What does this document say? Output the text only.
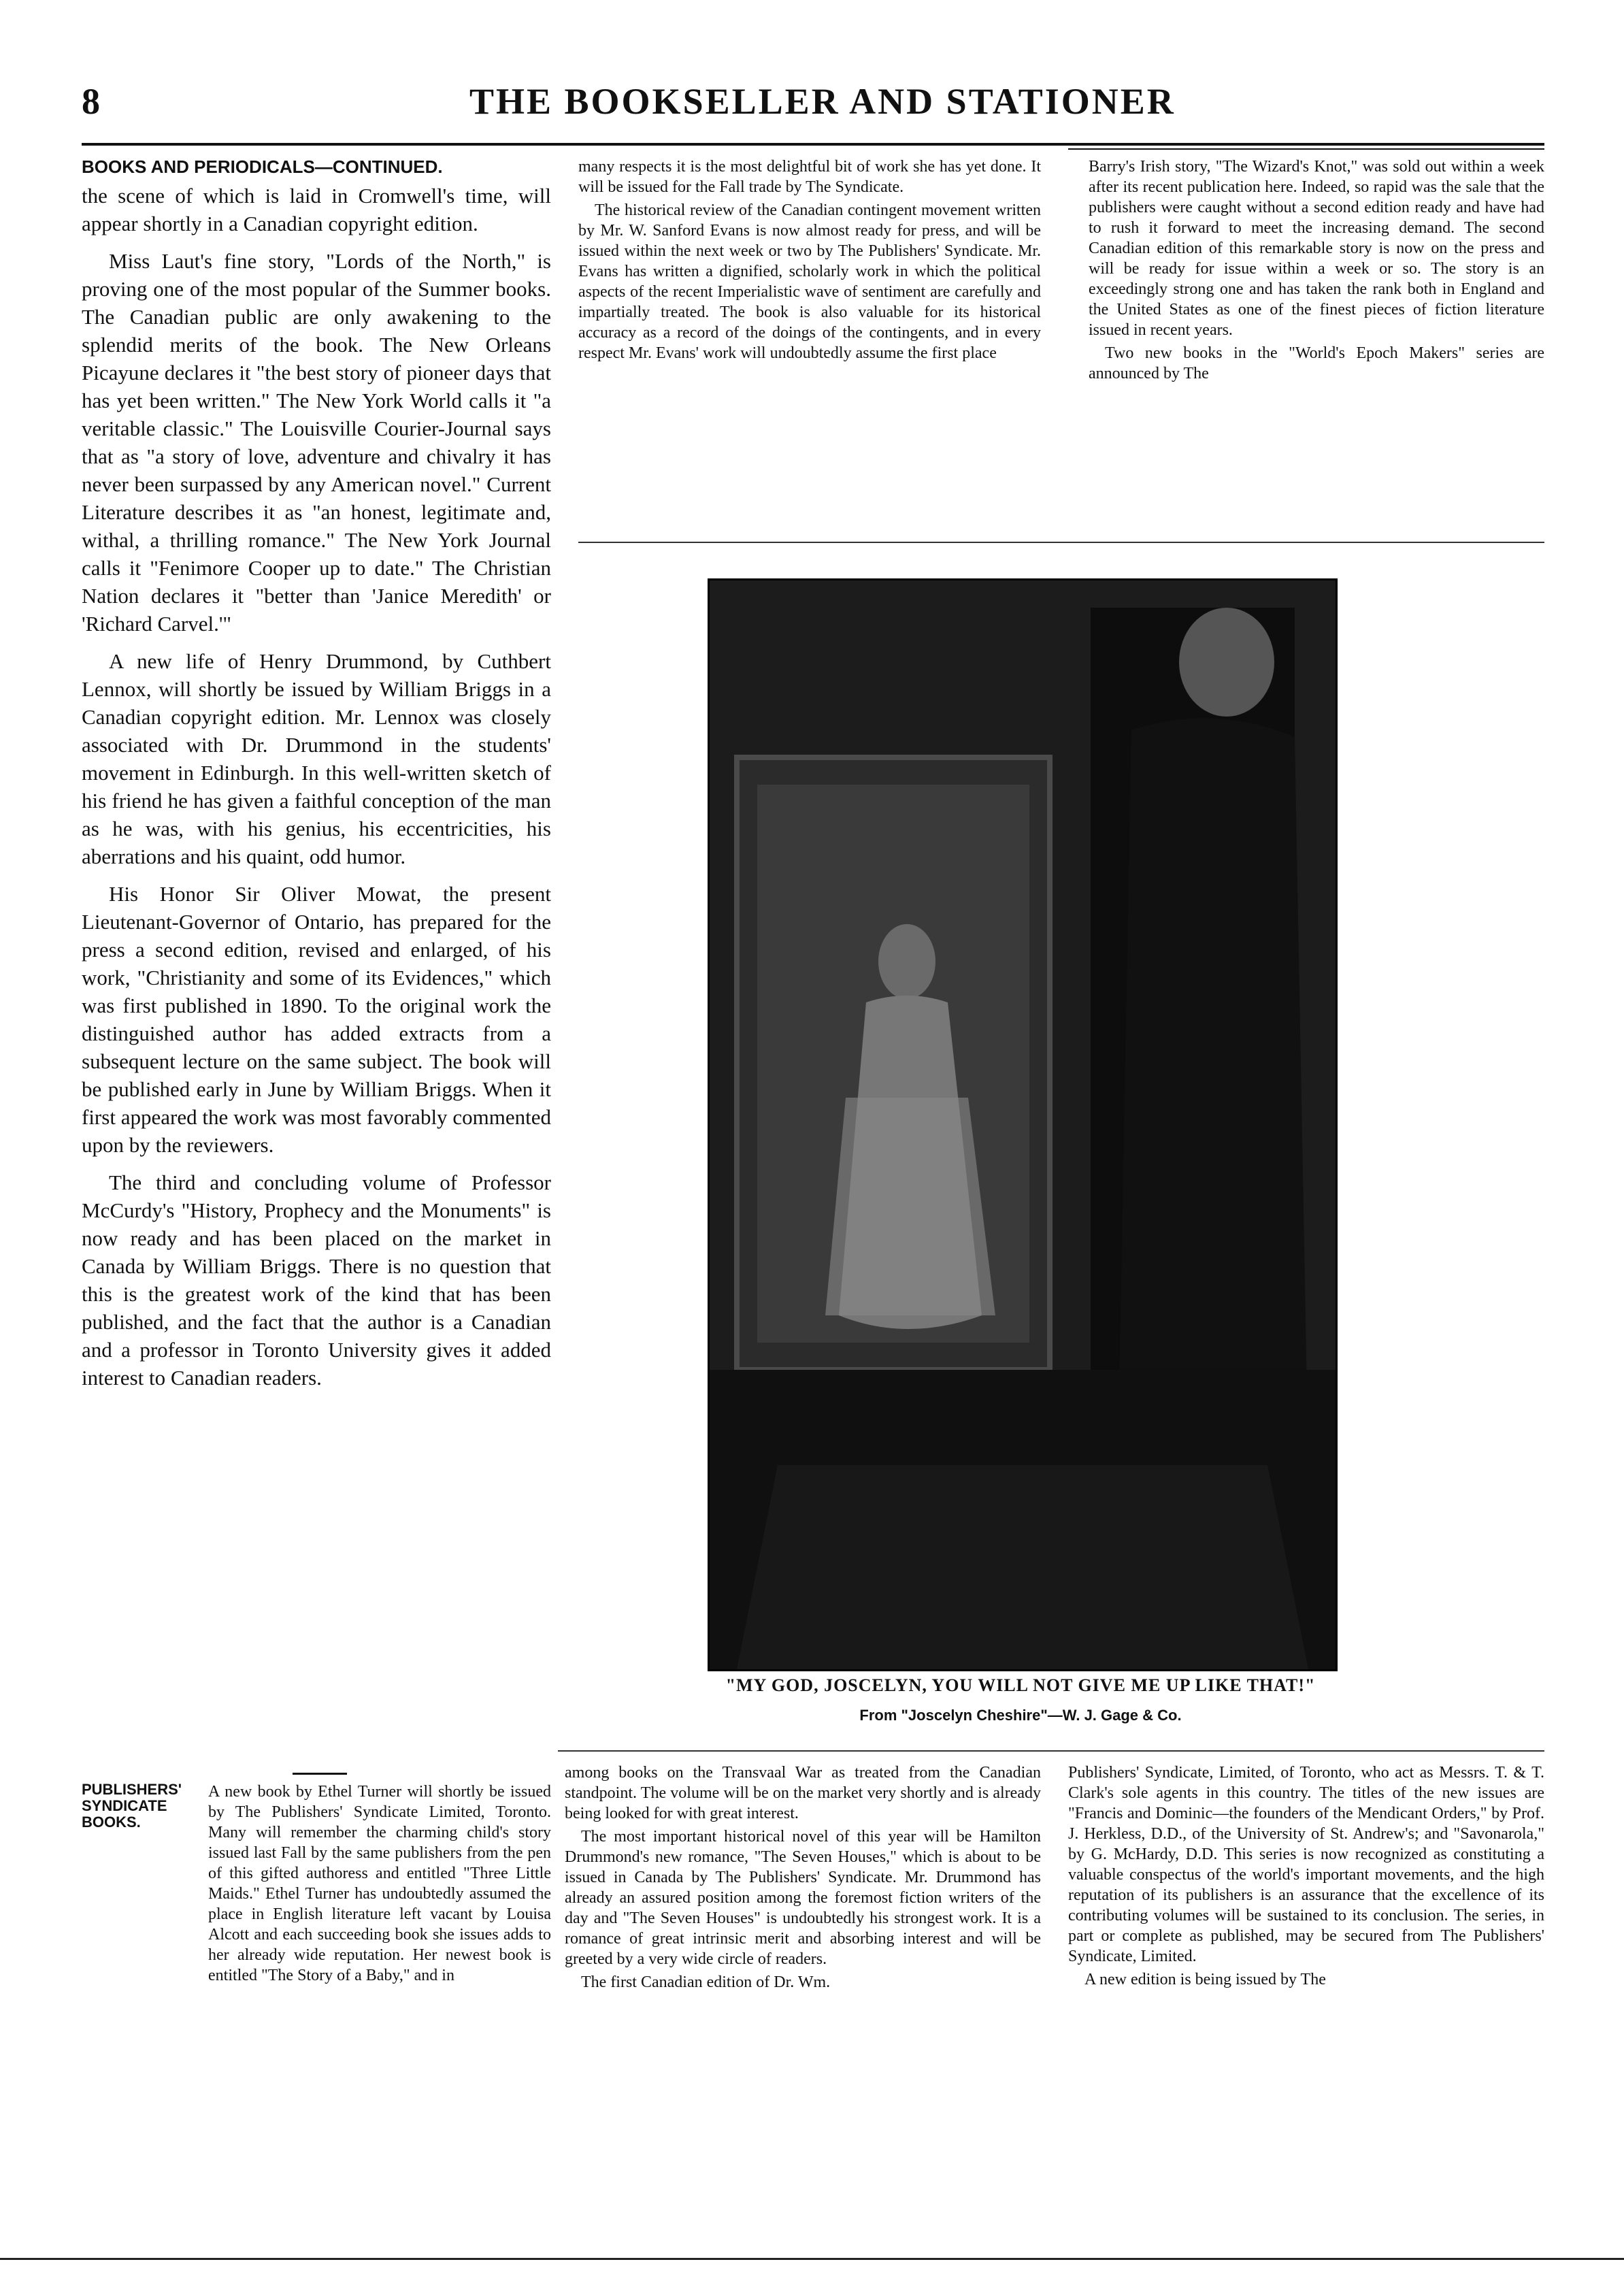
8	THE BOOKSELLER AND STATIONER
BOOKS AND PERIODICALS—CONTINUED.

the scene of which is laid in Cromwell's time, will appear shortly in a Canadian copyright edition.

Miss Laut's fine story, "Lords of the North," is proving one of the most popular of the Summer books. The Canadian public are only awakening to the splendid merits of the book. The New Orleans Picayune declares it "the best story of pioneer days that has yet been written." The New York World calls it "a veritable classic." The Louisville Courier-Journal says that as "a story of love, adventure and chivalry it has never been surpassed by any American novel." Current Literature describes it as "an honest, legitimate and, withal, a thrilling romance." The New York Journal calls it "Fenimore Cooper up to date." The Christian Nation declares it "better than 'Janice Meredith' or 'Richard Carvel.'"

A new life of Henry Drummond, by Cuthbert Lennox, will shortly be issued by William Briggs in a Canadian copyright edition. Mr. Lennox was closely associated with Dr. Drummond in the students' movement in Edinburgh. In this well-written sketch of his friend he has given a faithful conception of the man as he was, with his genius, his eccentricities, his aberrations and his quaint, odd humor.

His Honor Sir Oliver Mowat, the present Lieutenant-Governor of Ontario, has prepared for the press a second edition, revised and enlarged, of his work, "Christianity and some of its Evidences," which was first published in 1890. To the original work the distinguished author has added extracts from a subsequent lecture on the same subject. The book will be published early in June by William Briggs. When it first appeared the work was most favorably commented upon by the reviewers.

The third and concluding volume of Professor McCurdy's "History, Prophecy and the Monuments" is now ready and has been placed on the market in Canada by William Briggs. There is no question that this is the greatest work of the kind that has been published, and the fact that the author is a Canadian and a professor in Toronto University gives it added interest to Canadian readers.

PUBLISHERS' SYNDICATE BOOKS.

A new book by Ethel Turner will shortly be issued by The Publishers' Syndicate Limited, Toronto. Many will remember the charming child's story issued last Fall by the same publishers from the pen of this gifted authoress and entitled "Three Little Maids." Ethel Turner has undoubtedly assumed the place in English literature left vacant by Louisa Alcott and each succeeding book she issues adds to her already wide reputation. Her newest book is entitled "The Story of a Baby," and in

many respects it is the most delightful bit of work she has yet done. It will be issued for the Fall trade by The Syndicate.

The historical review of the Canadian contingent movement written by Mr. W. Sanford Evans is now almost ready for press, and will be issued within the next week or two by The Publishers' Syndicate. Mr. Evans has written a dignified, scholarly work in which the political aspects of the recent Imperialistic wave of sentiment are carefully and impartially treated. The book is also valuable for its historical accuracy as a record of the doings of the contingents, and in every respect Mr. Evans' work will undoubtedly assume the first place

Barry's Irish story, "The Wizard's Knot," was sold out within a week after its recent publication here. Indeed, so rapid was the sale that the publishers were caught without a second edition ready and have had to rush it forward to meet the increasing demand. The second Canadian edition of this remarkable story is now on the press and will be ready for issue within a week or so. The story is an exceedingly strong one and has taken the rank both in England and the United States as one of the finest pieces of fiction literature issued in recent years.

Two new books in the "World's Epoch Makers" series are announced by The

"MY GOD, JOSCELYN, YOU WILL NOT GIVE ME UP LIKE THAT!"
From "Joscelyn Cheshire"—W. J. Gage & Co.

among books on the Transvaal War as treated from the Canadian standpoint. The volume will be on the market very shortly and is already being looked for with great interest.

The most important historical novel of this year will be Hamilton Drummond's new romance, "The Seven Houses," which is about to be issued in Canada by The Publishers' Syndicate. Mr. Drummond has already an assured position among the foremost fiction writers of the day and "The Seven Houses" is undoubtedly his strongest work. It is a romance of great intrinsic merit and absorbing interest and will be greeted by a very wide circle of readers.

The first Canadian edition of Dr. Wm.

Publishers' Syndicate, Limited, of Toronto, who act as Messrs. T. & T. Clark's sole agents in this country. The titles of the new issues are "Francis and Dominic—the founders of the Mendicant Orders," by Prof. J. Herkless, D.D., of the University of St. Andrew's; and "Savonarola," by G. McHardy, D.D. This series is now recognized as constituting a valuable conspectus of the world's important movements, and the high reputation of its publishers is an assurance that the excellence of its contributing volumes will be sustained to its conclusion. The series, in part or complete as published, may be secured from The Publishers' Syndicate, Limited.

A new edition is being issued by The
